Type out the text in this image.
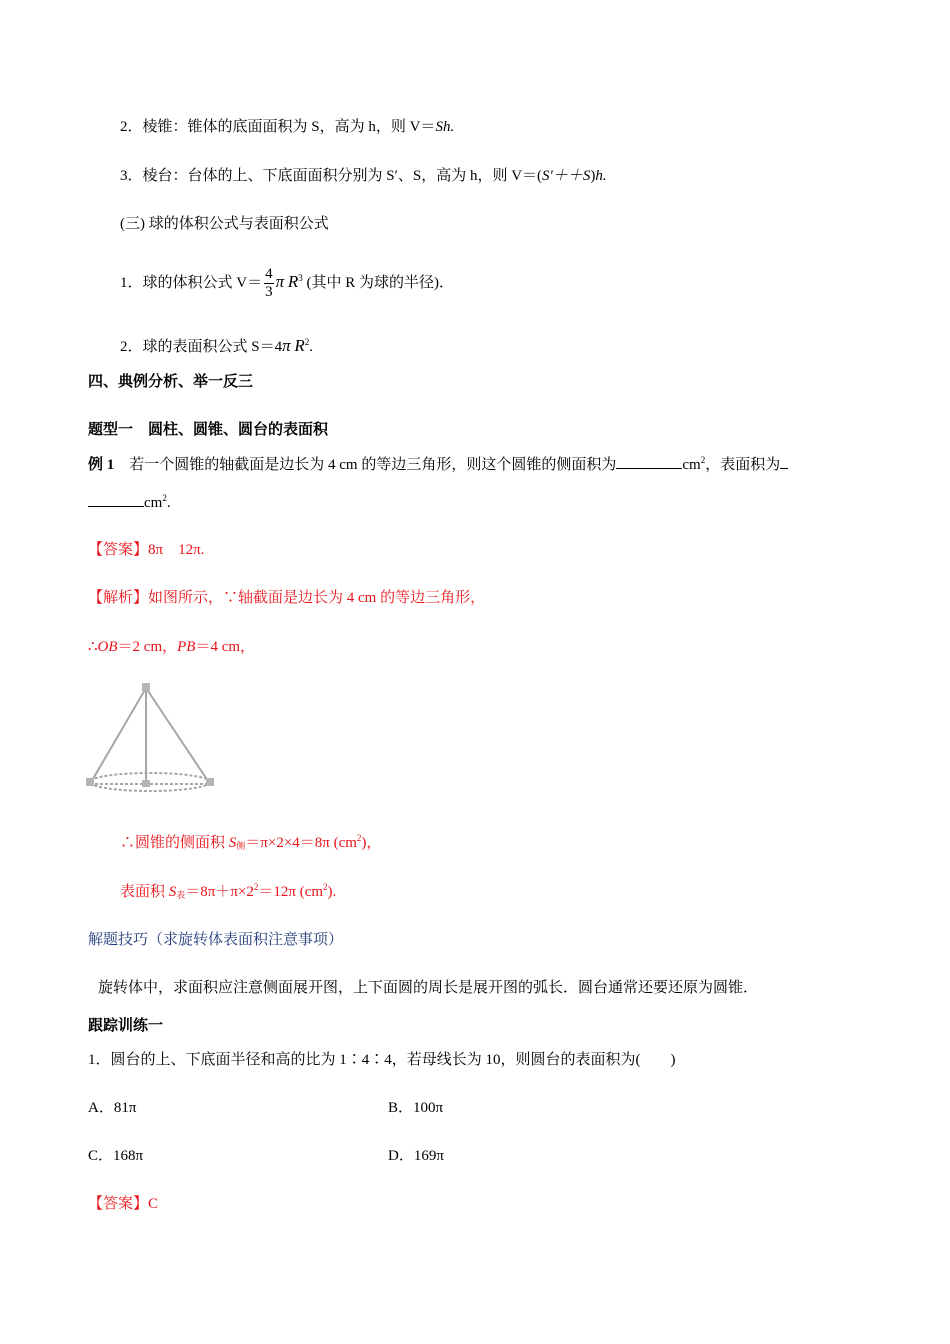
2．棱锥：锥体的底面面积为 S，高为 h，则 V＝Sh.
3．棱台：台体的上、下底面面积分别为 S′、S，高为 h，则 V＝(S′＋＋S)h.
(三) 球的体积公式与表面积公式
1．球的体积公式 $V= \frac{4}{3}$ π $R^3$ (其中 R 为球的半径)．
2．球的表面积公式 S＝4π $R^2$.
四、典例分析、举一反三
题型一　圆柱、圆锥、圆台的表面积
例 1　若一个圆锥的轴截面是边长为 4 cm 的等边三角形，则这个圆锥的侧面积为	$cm^2$，表面积为
$cm^2$.
【答案】8π　12π.
【解析】如图所示，∵轴截面是边长为 4 cm 的等边三角形，
∴OB＝2 cm，PB＝4 cm，
∴圆锥的侧面积 $S_侧=\pi\times 2\times 4=8\pi$ $(cm^2)$，
表面积 $S_表=8\pi+\pi\times 2^2=12\pi$ $(cm^2)$.
解题技巧（求旋转体表面积注意事项）
旋转体中，求面积应注意侧面展开图，上下面圆的周长是展开图的弧长．圆台通常还要还原为圆锥．
跟踪训练一
1．圆台的上、下底面半径和高的比为 1∶4∶4，若母线长为 10，则圆台的表面积为(　　)
A．81π	B．100π
C．168π	D．169π
【答案】C
